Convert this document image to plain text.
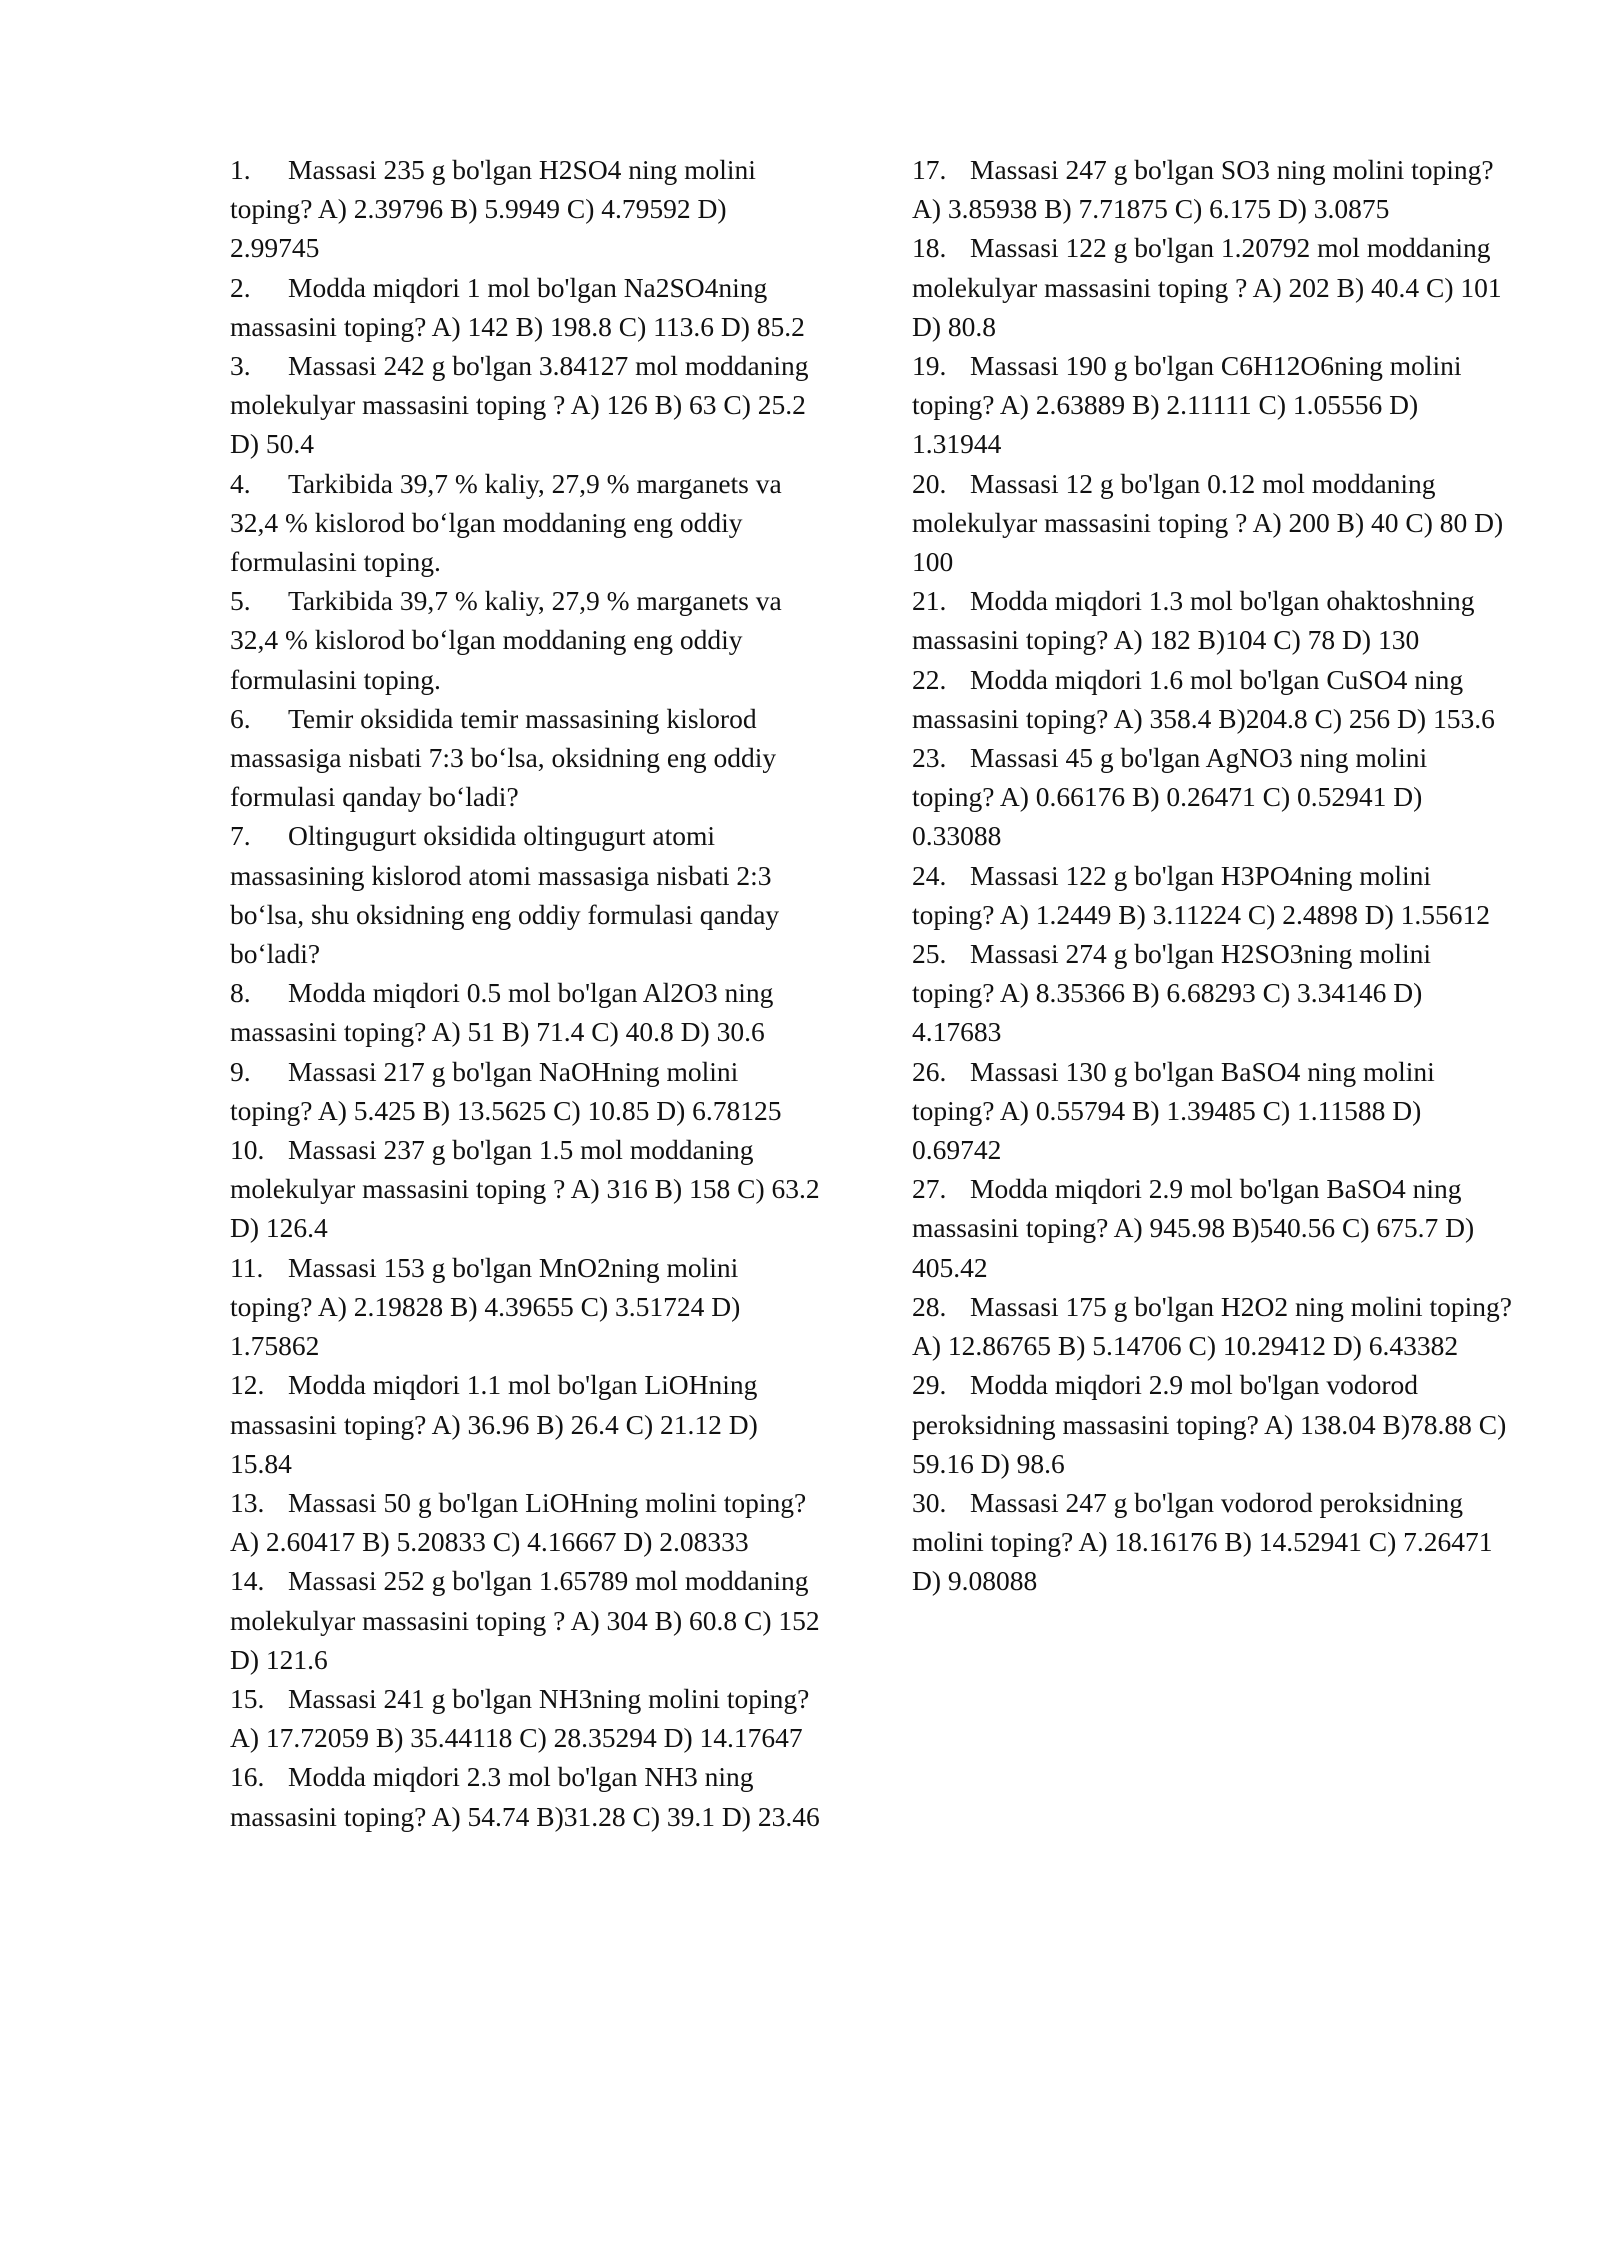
1. Massasi 235 g bo'lgan H2SO4 ning molini toping? A) 2.39796 B) 5.9949 C) 4.79592 D) 2.99745

2. Modda miqdori 1 mol bo'lgan Na2SO4ning massasini toping? A) 142 B) 198.8 C) 113.6 D) 85.2

3. Massasi 242 g bo'lgan 3.84127 mol moddaning molekulyar massasini toping ? A) 126 B) 63 C) 25.2 D) 50.4

4. Tarkibida 39,7 % kaliy, 27,9 % marganets va 32,4 % kislorod bo‘lgan moddaning eng oddiy formulasini toping.

5. Tarkibida 39,7 % kaliy, 27,9 % marganets va 32,4 % kislorod bo‘lgan moddaning eng oddiy formulasini toping.

6. Temir oksidida temir massasining kislorod massasiga nisbati 7:3 bo‘lsa, oksidning eng oddiy formulasi qanday bo‘ladi?

7. Oltingugurt oksidida oltingugurt atomi massasining kislorod atomi massasiga nisbati 2:3 bo‘lsa, shu oksidning eng oddiy formulasi qanday bo‘ladi?

8. Modda miqdori 0.5 mol bo'lgan Al2O3 ning massasini toping? A) 51 B) 71.4 C) 40.8 D) 30.6

9. Massasi 217 g bo'lgan NaOHning molini toping? A) 5.425 B) 13.5625 C) 10.85 D) 6.78125

10. Massasi 237 g bo'lgan 1.5 mol moddaning molekulyar massasini toping ? A) 316 B) 158 C) 63.2 D) 126.4

11. Massasi 153 g bo'lgan MnO2ning molini toping? A) 2.19828 B) 4.39655 C) 3.51724 D) 1.75862

12. Modda miqdori 1.1 mol bo'lgan LiOHning massasini toping? A) 36.96 B) 26.4 C) 21.12 D) 15.84

13. Massasi 50 g bo'lgan LiOHning molini toping? A) 2.60417 B) 5.20833 C) 4.16667 D) 2.08333

14. Massasi 252 g bo'lgan 1.65789 mol moddaning molekulyar massasini toping ? A) 304 B) 60.8 C) 152 D) 121.6

15. Massasi 241 g bo'lgan NH3ning molini toping? A) 17.72059 B) 35.44118 C) 28.35294 D) 14.17647

16. Modda miqdori 2.3 mol bo'lgan NH3 ning massasini toping? A) 54.74 B)31.28 C) 39.1 D) 23.46

17. Massasi 247 g bo'lgan SO3 ning molini toping? A) 3.85938 B) 7.71875 C) 6.175 D) 3.0875

18. Massasi 122 g bo'lgan 1.20792 mol moddaning molekulyar massasini toping ? A) 202 B) 40.4 C) 101 D) 80.8

19. Massasi 190 g bo'lgan C6H12O6ning molini toping? A) 2.63889 B) 2.11111 C) 1.05556 D) 1.31944

20. Massasi 12 g bo'lgan 0.12 mol moddaning molekulyar massasini toping ? A) 200 B) 40 C) 80 D) 100

21. Modda miqdori 1.3 mol bo'lgan ohaktoshning massasini toping? A) 182 B)104 C) 78 D) 130

22. Modda miqdori 1.6 mol bo'lgan CuSO4 ning massasini toping? A) 358.4 B)204.8 C) 256 D) 153.6

23. Massasi 45 g bo'lgan AgNO3 ning molini toping? A) 0.66176 B) 0.26471 C) 0.52941 D) 0.33088

24. Massasi 122 g bo'lgan H3PO4ning molini toping? A) 1.2449 B) 3.11224 C) 2.4898 D) 1.55612

25. Massasi 274 g bo'lgan H2SO3ning molini toping? A) 8.35366 B) 6.68293 C) 3.34146 D) 4.17683

26. Massasi 130 g bo'lgan BaSO4 ning molini toping? A) 0.55794 B) 1.39485 C) 1.11588 D) 0.69742

27. Modda miqdori 2.9 mol bo'lgan BaSO4 ning massasini toping? A) 945.98 B)540.56 C) 675.7 D) 405.42

28. Massasi 175 g bo'lgan H2O2 ning molini toping? A) 12.86765 B) 5.14706 C) 10.29412 D) 6.43382

29. Modda miqdori 2.9 mol bo'lgan vodorod peroksidning massasini toping? A) 138.04 B)78.88 C) 59.16 D) 98.6

30. Massasi 247 g bo'lgan vodorod peroksidning molini toping? A) 18.16176 B) 14.52941 C) 7.26471 D) 9.08088
